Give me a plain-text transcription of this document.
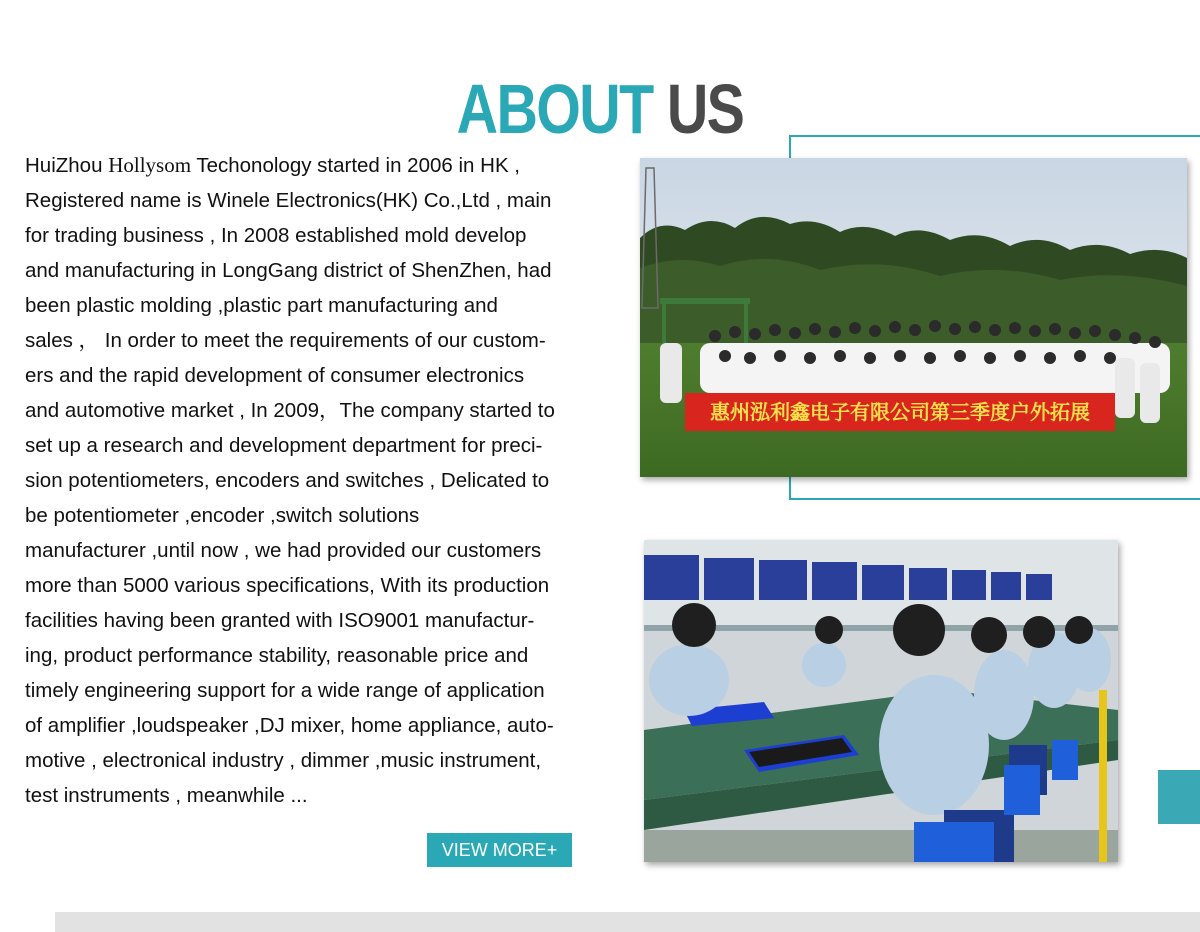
ABOUT US
HuiZhou Hollysom Techonology started in 2006 in HK ,
Registered name is Winele Electronics(HK) Co.,Ltd , main
for trading business , In 2008 established mold develop
and manufacturing in LongGang district of ShenZhen, had
been plastic molding ,plastic part manufacturing and
sales ， In order to meet the requirements of our custom-
ers and the rapid development of consumer electronics
and automotive market , In 2009，The company started to
set up a research and development department for preci-
sion potentiometers, encoders and switches , Delicated to
be potentiometer ,encoder ,switch solutions
manufacturer ,until now , we had provided our customers
more than 5000 various specifications, With its production
facilities having been granted with ISO9001 manufactur-
ing, product performance stability, reasonable price and
timely engineering support for a wide range of application
of amplifier ,loudspeaker ,DJ mixer, home appliance, auto-
motive , electronical industry , dimmer ,music instrument,
test instruments , meanwhile ...
VIEW MORE+
惠州泓利鑫电子有限公司第三季度户外拓展
